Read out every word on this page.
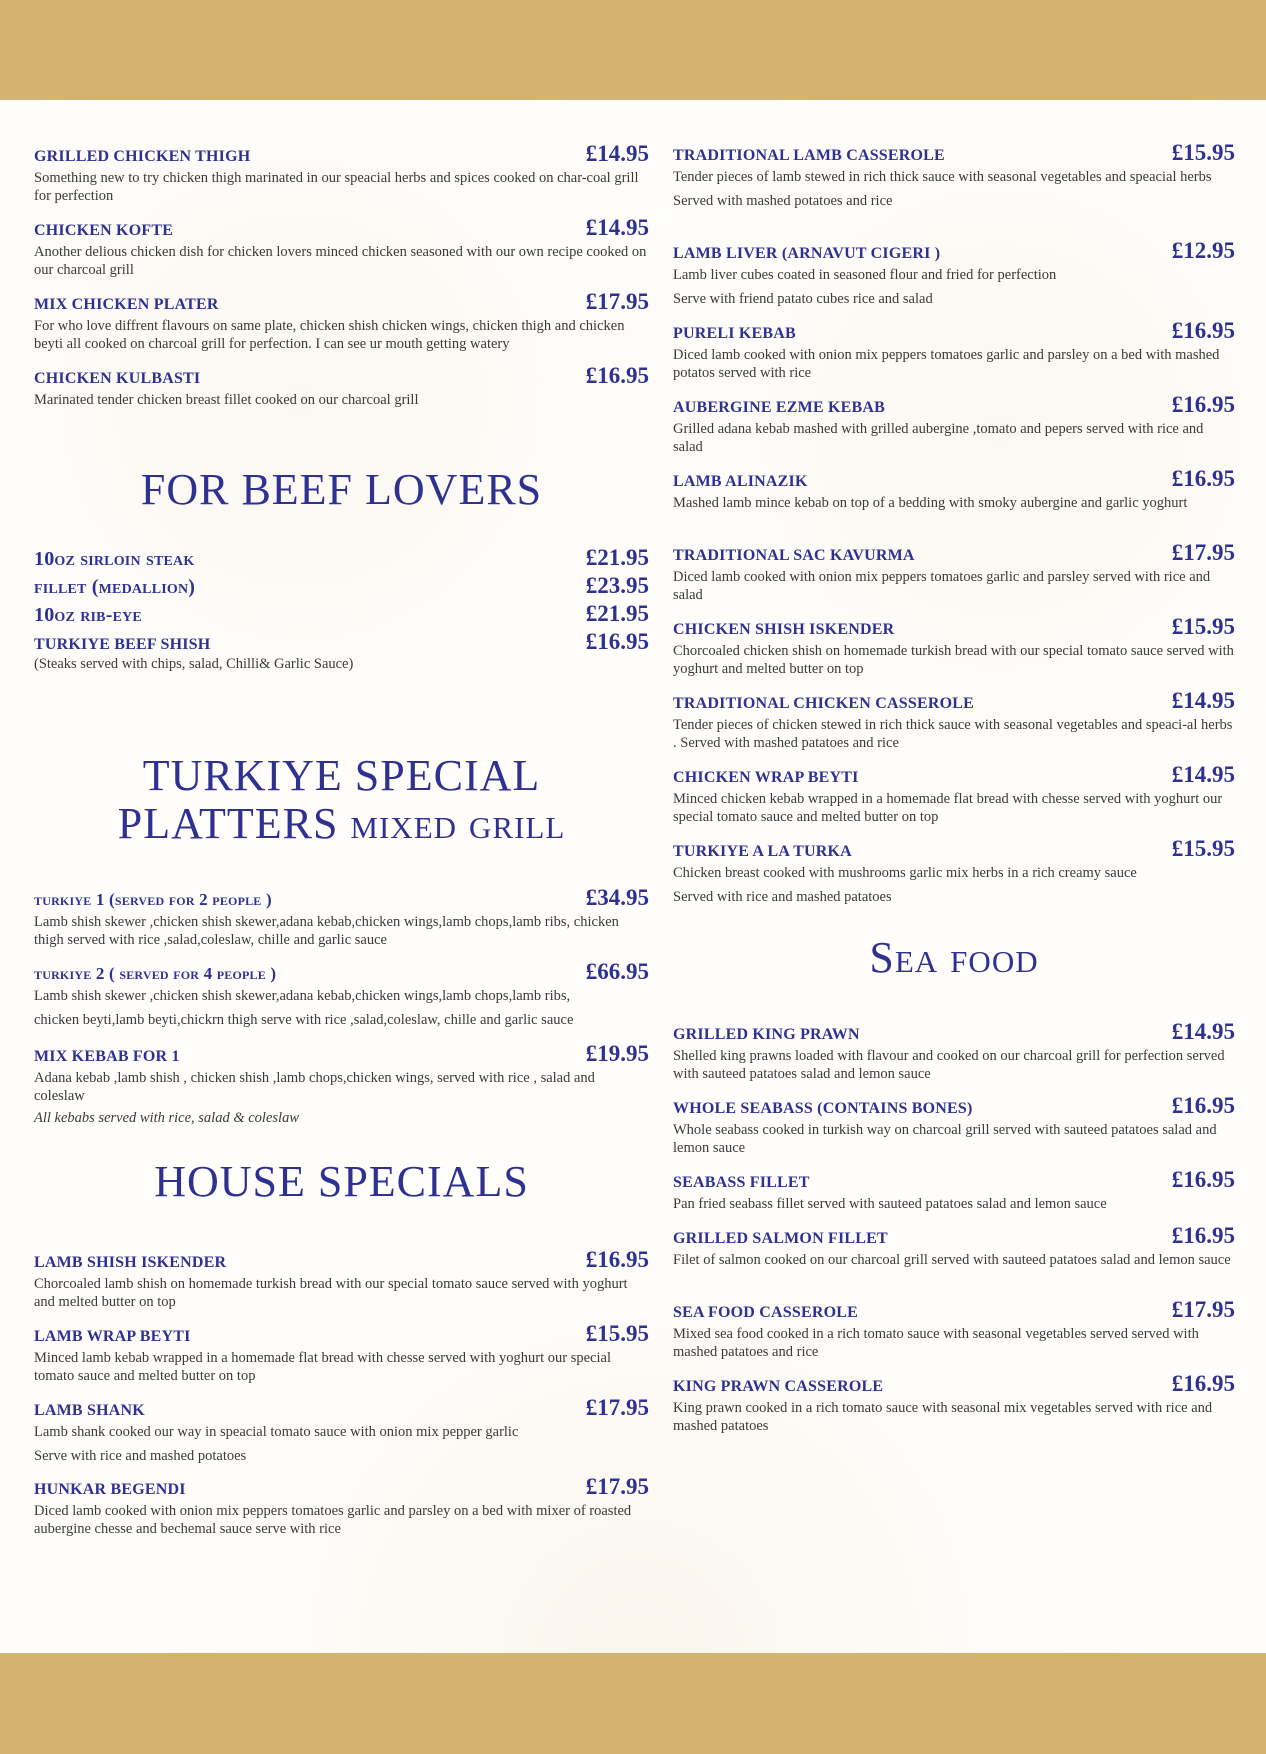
GRILLED CHICKEN THIGH	£14.95
Something new to try chicken thigh marinated in our speacial herbs and spices cooked on char-coal grill for perfection
CHICKEN KOFTE	£14.95
Another delious chicken dish for chicken lovers minced chicken seasoned with our own recipe cooked on our charcoal grill
MIX CHICKEN PLATER	£17.95
For who love diffrent flavours on same plate, chicken shish chicken wings, chicken thigh and chicken beyti all cooked on charcoal grill for perfection. I can see ur mouth getting watery
CHICKEN KULBASTI	£16.95
Marinated tender chicken breast fillet cooked on our charcoal grill
FOR BEEF LOVERS
10oz sirloin steak	£21.95
fillet (medallion)	£23.95
10oz rib-eye	£21.95
TURKIYE BEEF SHISH	£16.95
(Steaks served with chips, salad, Chilli& Garlic Sauce)
TURKIYE SPECIAL
PLATTERS mixed grill
turkiye 1 (served for 2 people )	£34.95
Lamb shish skewer ,chicken shish skewer,adana kebab,chicken wings,lamb chops,lamb ribs, chicken thigh served with rice ,salad,coleslaw, chille and garlic sauce
turkiye 2 ( served for 4 people )	£66.95
Lamb shish skewer ,chicken shish skewer,adana kebab,chicken wings,lamb chops,lamb ribs,
chicken beyti,lamb beyti,chickrn thigh serve with rice ,salad,coleslaw, chille and garlic sauce
MIX KEBAB FOR 1	£19.95
Adana kebab ,lamb shish , chicken shish ,lamb chops,chicken wings, served with rice , salad and coleslaw
All kebabs served with rice, salad & coleslaw
HOUSE SPECIALS
LAMB SHISH ISKENDER	£16.95
Chorcoaled lamb shish on homemade turkish bread with our special tomato sauce served with yoghurt and melted butter on top
LAMB WRAP BEYTI	£15.95
Minced lamb kebab wrapped in a homemade flat bread with chesse served with yoghurt our special tomato sauce and melted butter on top
LAMB SHANK	£17.95
Lamb shank cooked our way in speacial tomato sauce with onion mix pepper garlic
Serve with rice and mashed potatoes
HUNKAR BEGENDI	£17.95
Diced lamb cooked with onion mix peppers tomatoes garlic and parsley on a bed with mixer of roasted aubergine chesse and bechemal sauce serve with rice
TRADITIONAL LAMB CASSEROLE	£15.95
Tender pieces of lamb stewed in rich thick sauce with seasonal vegetables and speacial herbs
Served with mashed potatoes and rice
LAMB LIVER (ARNAVUT CIGERI )	£12.95
Lamb liver cubes coated in seasoned flour and fried for perfection
Serve with friend patato cubes rice and salad
PURELI KEBAB	£16.95
Diced lamb cooked with onion mix peppers tomatoes garlic and parsley on a bed with mashed potatos served with rice
AUBERGINE EZME KEBAB	£16.95
Grilled adana kebab mashed with grilled aubergine ,tomato and pepers served with rice and salad
LAMB ALINAZIK	£16.95
Mashed lamb mince kebab on top of a bedding with smoky aubergine and garlic yoghurt
TRADITIONAL SAC KAVURMA	£17.95
Diced lamb cooked with onion mix peppers tomatoes garlic and parsley served with rice and salad
CHICKEN SHISH ISKENDER	£15.95
Chorcoaled chicken shish on homemade turkish bread with our special tomato sauce served with yoghurt and melted butter on top
TRADITIONAL CHICKEN CASSEROLE	£14.95
Tender pieces of chicken stewed in rich thick sauce with seasonal vegetables and speaci-al herbs . Served with mashed patatoes and rice
CHICKEN WRAP BEYTI	£14.95
Minced chicken kebab wrapped in a homemade flat bread with chesse served with yoghurt our special tomato sauce and melted butter on top
TURKIYE A LA TURKA	£15.95
Chicken breast cooked with mushrooms garlic mix herbs in a rich creamy sauce
Served with rice and mashed patatoes
Sea food
GRILLED KING PRAWN	£14.95
Shelled king prawns loaded with flavour and cooked on our charcoal grill for perfection served with sauteed patatoes salad and lemon sauce
WHOLE SEABASS (CONTAINS BONES)	£16.95
Whole seabass cooked in turkish way on charcoal grill served with sauteed patatoes salad and lemon sauce
SEABASS FILLET	£16.95
Pan fried seabass fillet served with sauteed patatoes salad and lemon sauce
GRILLED SALMON FILLET	£16.95
Filet of salmon cooked on our charcoal grill served with sauteed patatoes salad and lemon sauce
SEA FOOD CASSEROLE	£17.95
Mixed sea food cooked in a rich tomato sauce with seasonal vegetables served served with mashed patatoes and rice
KING PRAWN CASSEROLE	£16.95
King prawn cooked in a rich tomato sauce with seasonal mix vegetables served with rice and mashed patatoes
